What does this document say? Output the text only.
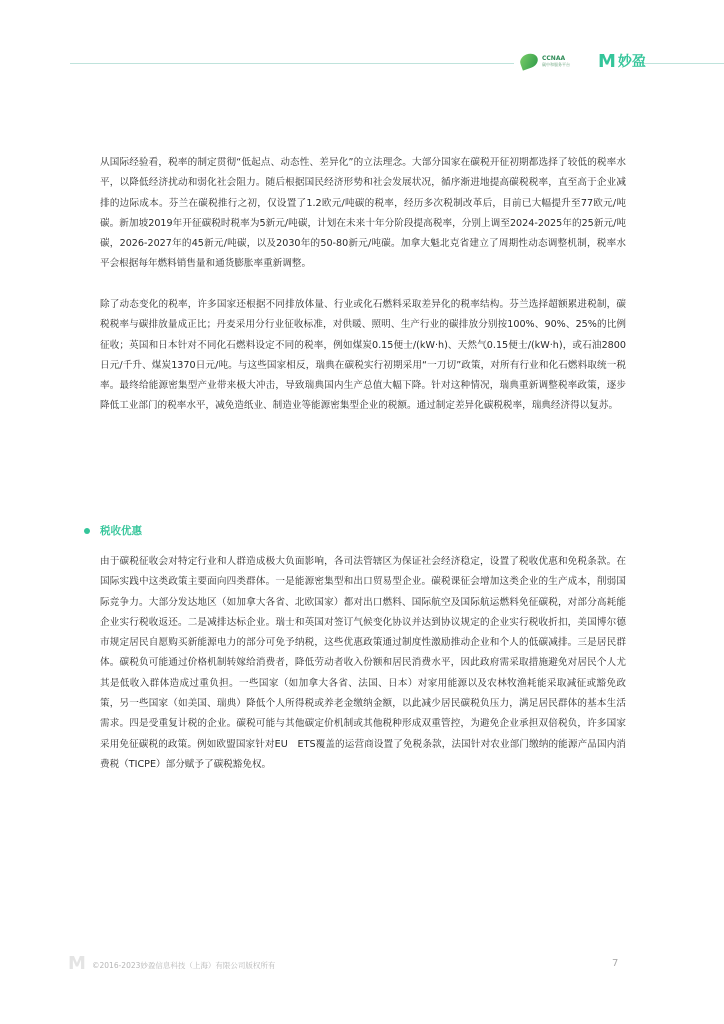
CCNAA
碳中和服务平台 M 妙盈

从国际经验看，税率的制定贯彻“低起点、动态性、差异化”的立法理念。大部分国家在碳税开征初期都选择了较低的税率水平，以降低经济扰动和弱化社会阻力。随后根据国民经济形势和社会发展状况，循序渐进地提高碳税税率，直至高于企业减排的边际成本。芬兰在碳税推行之初，仅设置了1.2欧元/吨碳的税率，经历多次税制改革后，目前已大幅提升至77欧元/吨碳。新加坡2019年开征碳税时税率为5新元/吨碳，计划在未来十年分阶段提高税率，分别上调至2024-2025年的25新元/吨碳，2026-2027年的45新元/吨碳，以及2030年的50-80新元/吨碳。加拿大魁北克省建立了周期性动态调整机制，税率水平会根据每年燃料销售量和通货膨胀率重新调整。

除了动态变化的税率，许多国家还根据不同排放体量、行业或化石燃料采取差异化的税率结构。芬兰选择超额累进税制，碳税税率与碳排放量成正比；丹麦采用分行业征收标准，对供暖、照明、生产行业的碳排放分别按100%、90%、25%的比例征收；英国和日本针对不同化石燃料设定不同的税率，例如煤炭0.15便士/(kW·h)、天然气0.15便士/(kW·h)，或石油2800日元/千升、煤炭1370日元/吨。与这些国家相反，瑞典在碳税实行初期采用“一刀切”政策，对所有行业和化石燃料取统一税率。最终给能源密集型产业带来极大冲击，导致瑞典国内生产总值大幅下降。针对这种情况，瑞典重新调整税率政策，逐步降低工业部门的税率水平，减免造纸业、制造业等能源密集型企业的税额。通过制定差异化碳税税率，瑞典经济得以复苏。

税收优惠

由于碳税征收会对特定行业和人群造成极大负面影响，各司法管辖区为保证社会经济稳定，设置了税收优惠和免税条款。在国际实践中这类政策主要面向四类群体。一是能源密集型和出口贸易型企业。碳税课征会增加这类企业的生产成本，削弱国际竞争力。大部分发达地区（如加拿大各省、北欧国家）都对出口燃料、国际航空及国际航运燃料免征碳税，对部分高耗能企业实行税收返还。二是减排达标企业。瑞士和英国对签订气候变化协议并达到协议规定的企业实行税收折扣，美国博尔德市规定居民自愿购买新能源电力的部分可免予纳税，这些优惠政策通过制度性激励推动企业和个人的低碳减排。三是居民群体。碳税负可能通过价格机制转嫁给消费者，降低劳动者收入份额和居民消费水平，因此政府需采取措施避免对居民个人尤其是低收入群体造成过重负担。一些国家（如加拿大各省、法国、日本）对家用能源以及农林牧渔耗能采取减征或豁免政策，另一些国家（如美国、瑞典）降低个人所得税或养老金缴纳金额，以此减少居民碳税负压力，满足居民群体的基本生活需求。四是受重复计税的企业。碳税可能与其他碳定价机制或其他税种形成双重管控，为避免企业承担双倍税负，许多国家采用免征碳税的政策。例如欧盟国家针对EU　ETS覆盖的运营商设置了免税条款，法国针对农业部门缴纳的能源产品国内消费税（TICPE）部分赋予了碳税豁免权。

M ©2016-2023妙盈信息科技（上海）有限公司版权所有	7
